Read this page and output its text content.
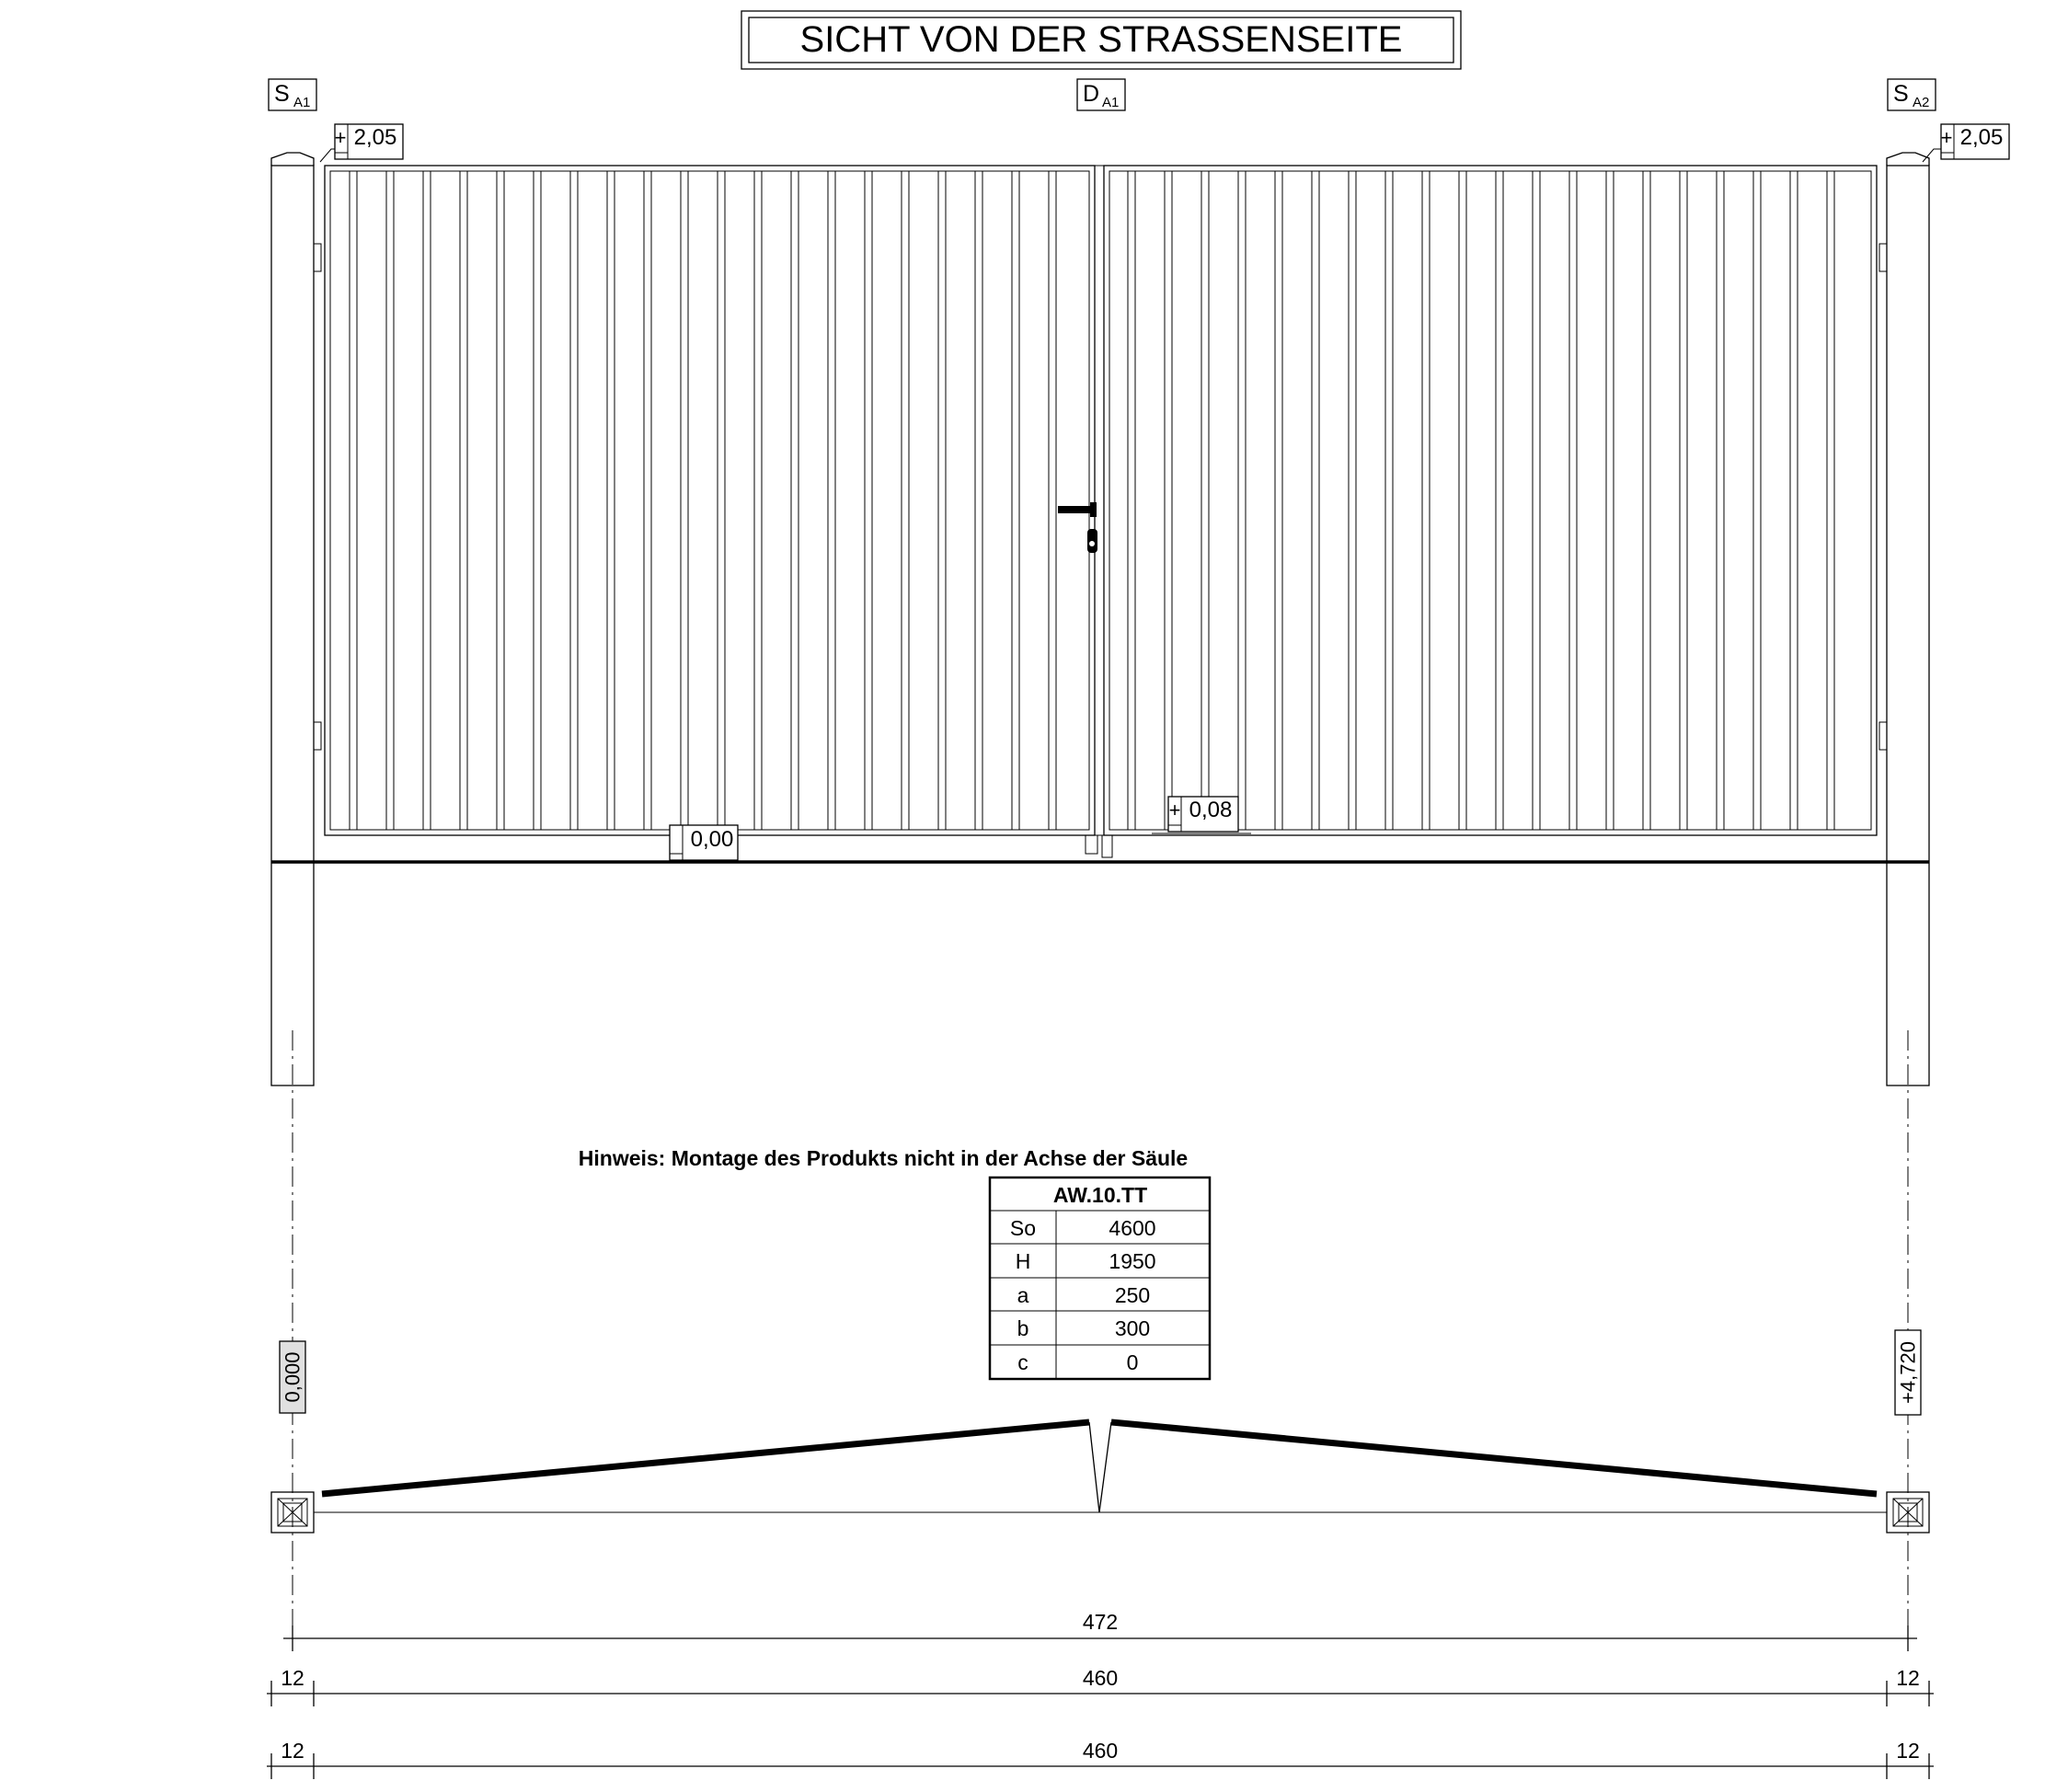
SICHT VON DER STRASSENSEITE
S A1	D A1	S A2
+ 2,05	+ 2,05
0,00
+ 0,08
0,000	+4,720
Hinweis: Montage des Produkts nicht in der Achse der Säule
AW.10.TT
So	4600
H	1950
a	250
b	300
c	0
472
12	460	12
12	460	12
